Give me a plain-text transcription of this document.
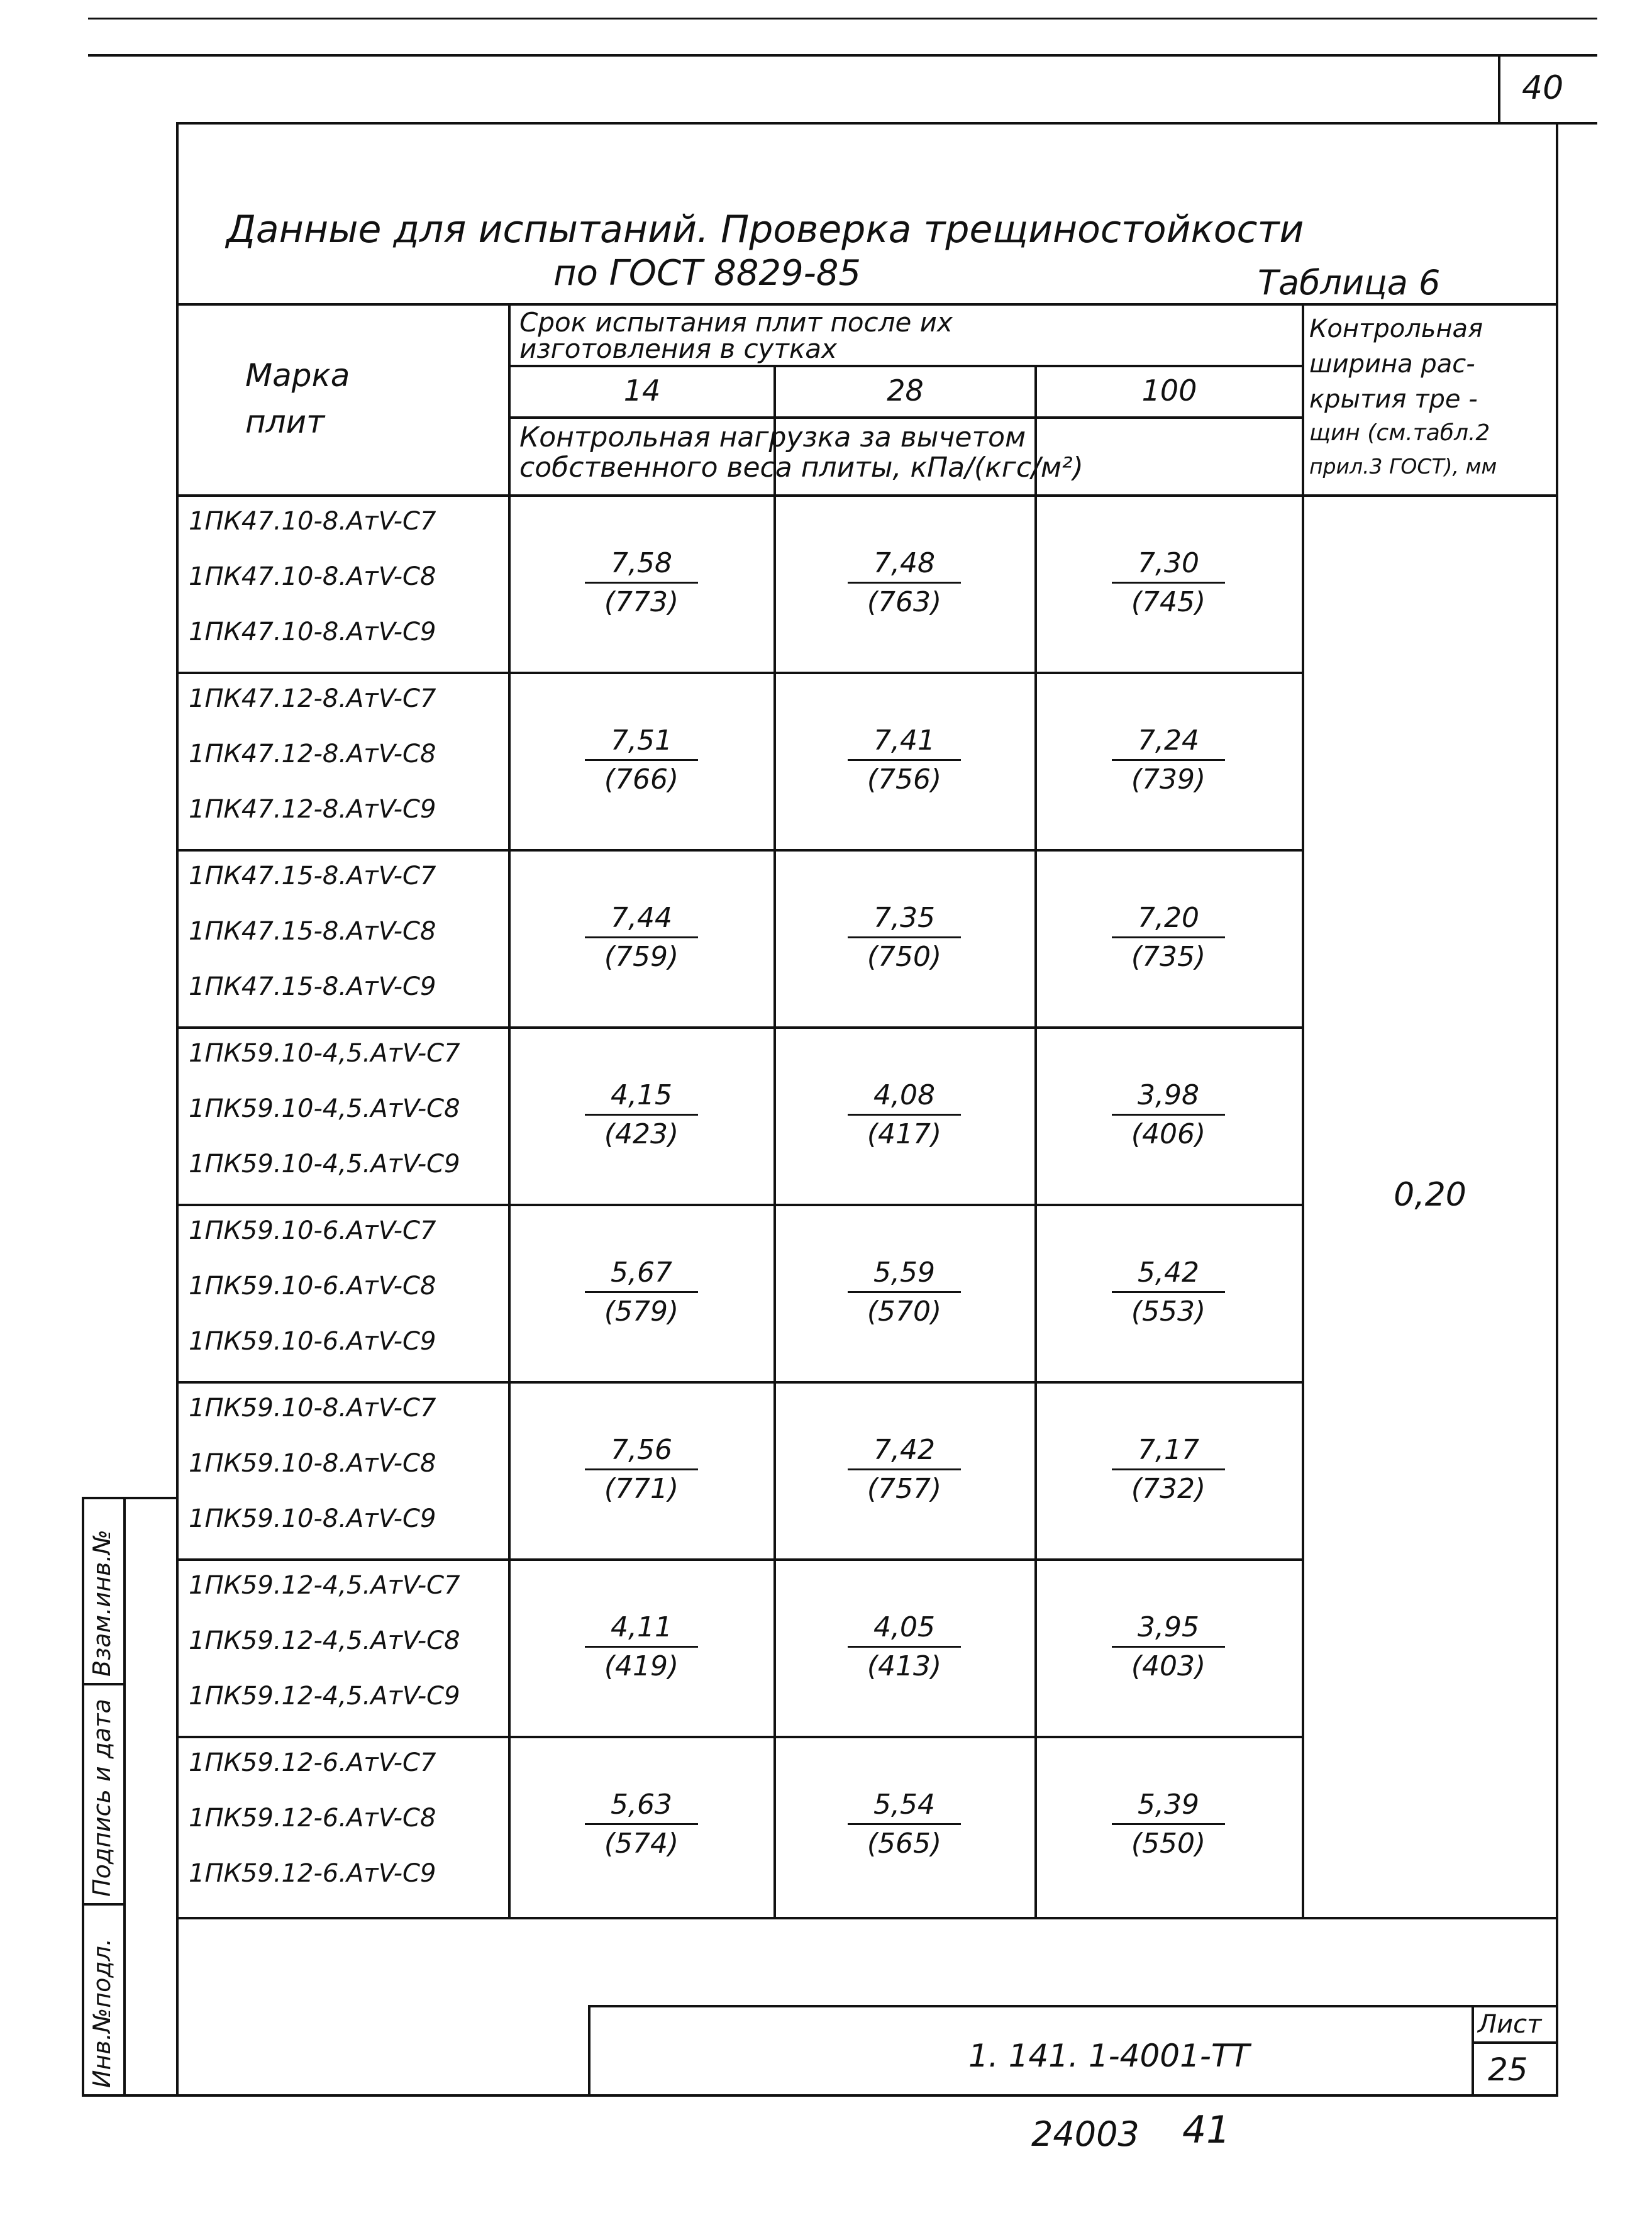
40
Данные для испытаний. Проверка трещиностойкости
по ГОСТ 8829-85	Таблица 6
Марка плит
Срок испытания плит после их
изготовления в сутках
14	28	100
Контрольная нагрузка за вычетом
собственного веса плиты, кПа/(кгс/м²)
Контрольная
ширина рас-
крытия тре -
щин (см.табл.2
прил.3 ГОСТ), мм
1ПК47.10-8.АтV-С7
1ПК47.10-8.АтV-С8
1ПК47.10-8.АтV-С9
$\frac{7,58}{(773)}$	$\frac{7,48}{(763)}$	$\frac{7,30}{(745)}$
1ПК47.12-8.АтV-С7
1ПК47.12-8.АтV-С8
1ПК47.12-8.АтV-С9
$\frac{7,51}{(766)}$	$\frac{7,41}{(756)}$	$\frac{7,24}{(739)}$
1ПК47.15-8.АтV-С7
1ПК47.15-8.АтV-С8
1ПК47.15-8.АтV-С9
$\frac{7,44}{(759)}$	$\frac{7,35}{(750)}$	$\frac{7,20}{(735)}$
1ПК59.10-4,5.АтV-С7
1ПК59.10-4,5.АтV-С8
1ПК59.10-4,5.АтV-С9
$\frac{4,15}{(423)}$	$\frac{4,08}{(417)}$	$\frac{3,98}{(406)}$
1ПК59.10-6.АтV-С7
1ПК59.10-6.АтV-С8
1ПК59.10-6.АтV-С9
$\frac{5,67}{(579)}$	$\frac{5,59}{(570)}$	$\frac{5,42}{(553)}$
1ПК59.10-8.АтV-С7
1ПК59.10-8.АтV-С8
1ПК59.10-8.АтV-С9
$\frac{7,56}{(771)}$	$\frac{7,42}{(757)}$	$\frac{7,17}{(732)}$
1ПК59.12-4,5.АтV-С7
1ПК59.12-4,5.АтV-С8
1ПК59.12-4,5.АтV-С9
$\frac{4,11}{(419)}$	$\frac{4,05}{(413)}$	$\frac{3,95}{(403)}$
1ПК59.12-6.АтV-С7
1ПК59.12-6.АтV-С8
1ПК59.12-6.АтV-С9
$\frac{5,63}{(574)}$	$\frac{5,54}{(565)}$	$\frac{5,39}{(550)}$
0,20
1. 141. 1-4001-ТТ
Лист
25
24003 41
Инв.№подл.
Подпись и дата
Взам.инв.№
